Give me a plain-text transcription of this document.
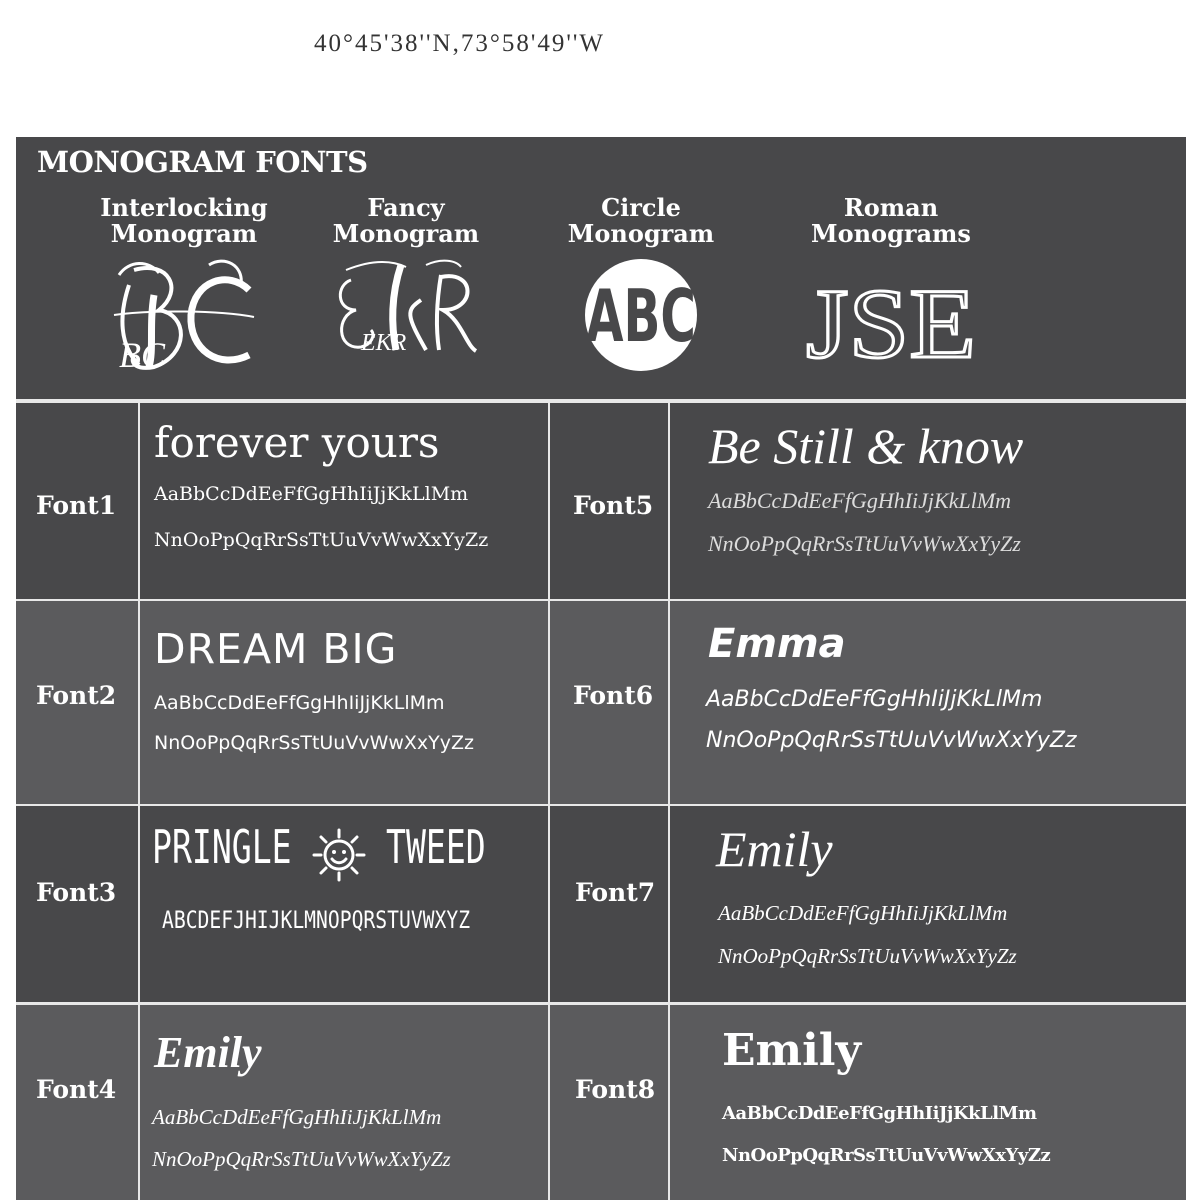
40°45'38''N,73°58'49''W
MONOGRAM FONTS
Interlocking
Monogram
BC
Fancy
Monogram
EKR
Circle
Monogram
ABC
Roman
Monograms
JSE
Font1
forever yours
AaBbCcDdEeFfGgHhIiJjKkLlMm
NnOoPpQqRrSsTtUuVvWwXxYyZz
Font5
Be Still & know
AaBbCcDdEeFfGgHhIiJjKkLlMm
NnOoPpQqRrSsTtUuVvWwXxYyZz
Font2
DREAM BIG
AaBbCcDdEeFfGgHhIiJjKkLlMm
NnOoPpQqRrSsTtUuVvWwXxYyZz
Font6
Emma
AaBbCcDdEeFfGgHhIiJjKkLlMm
NnOoPpQqRrSsTtUuVvWwXxYyZz
Font3
PRINGLE TWEED
ABCDEFJHIJKLMNOPQRSTUVWXYZ
Font7
Emily
AaBbCcDdEeFfGgHhIiJjKkLlMm
NnOoPpQqRrSsTtUuVvWwXxYyZz
Font4
Emily
AaBbCcDdEeFfGgHhIiJjKkLlMm
NnOoPpQqRrSsTtUuVvWwXxYyZz
Font8
Emily
AaBbCcDdEeFfGgHhIiJjKkLlMm
NnOoPpQqRrSsTtUuVvWwXxYyZz
